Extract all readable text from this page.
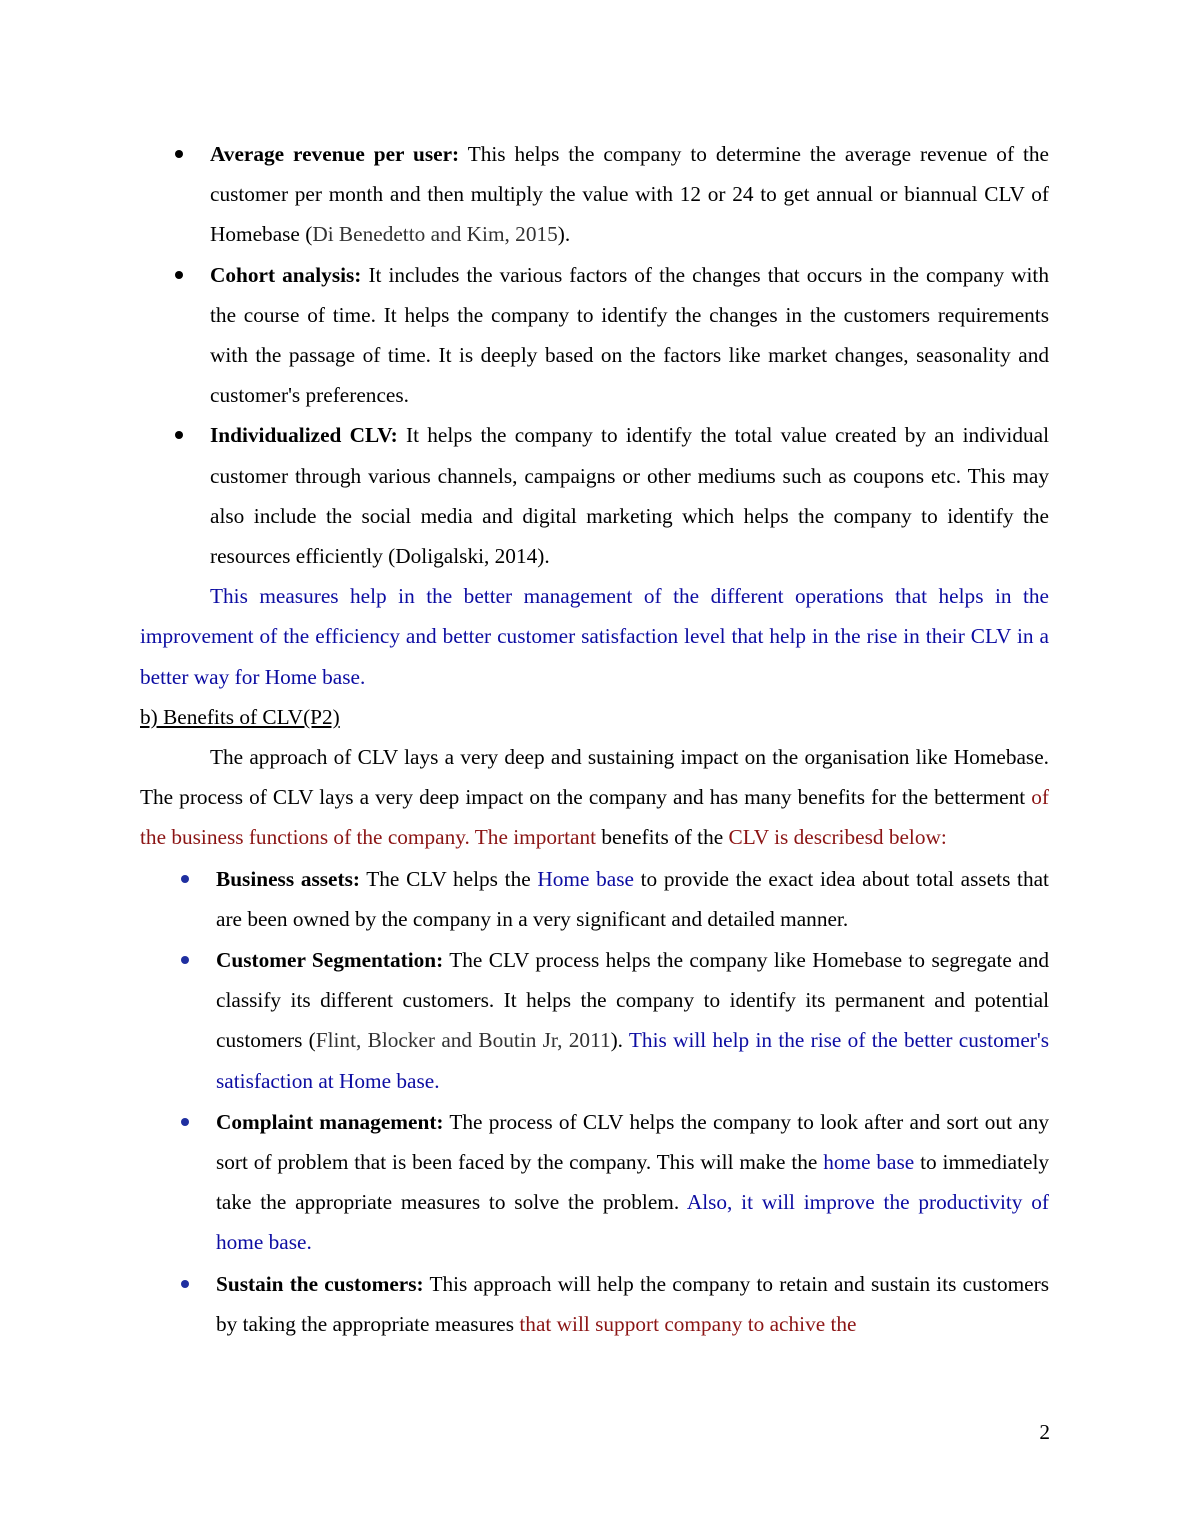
Average revenue per user: This helps the company to determine the average revenue of the customer per month and then multiply the value with 12 or 24 to get annual or biannual CLV of Homebase (Di Benedetto and Kim, 2015).
Cohort analysis: It includes the various factors of the changes that occurs in the company with the course of time. It helps the company to identify the changes in the customers requirements with the passage of time. It is deeply based on the factors like market changes, seasonality and customer's preferences.
Individualized CLV: It helps the company to identify the total value created by an individual customer through various channels, campaigns or other mediums such as coupons etc. This may also include the social media and digital marketing which helps the company to identify the resources efficiently (Doligalski, 2014).

This measures help in the better management of the different operations that helps in the improvement of the efficiency and better customer satisfaction level that help in the rise in their CLV in a better way for Home base.

b) Benefits of CLV(P2)

The approach of CLV lays a very deep and sustaining impact on the organisation like Homebase. The process of CLV lays a very deep impact on the company and has many benefits for the betterment of the business functions of the company. The important benefits of the CLV is describesd below:

Business assets: The CLV helps the Home base to provide the exact idea about total assets that are been owned by the company in a very significant and detailed manner.
Customer Segmentation: The CLV process helps the company like Homebase to segregate and classify its different customers. It helps the company to identify its permanent and potential customers (Flint, Blocker and Boutin Jr, 2011). This will help in the rise of the better customer's satisfaction at Home base.
Complaint management: The process of CLV helps the company to look after and sort out any sort of problem that is been faced by the company. This will make the home base to immediately take the appropriate measures to solve the problem. Also, it will improve the productivity of home base.
Sustain the customers: This approach will help the company to retain and sustain its customers by taking the appropriate measures that will support company to achive the
2
